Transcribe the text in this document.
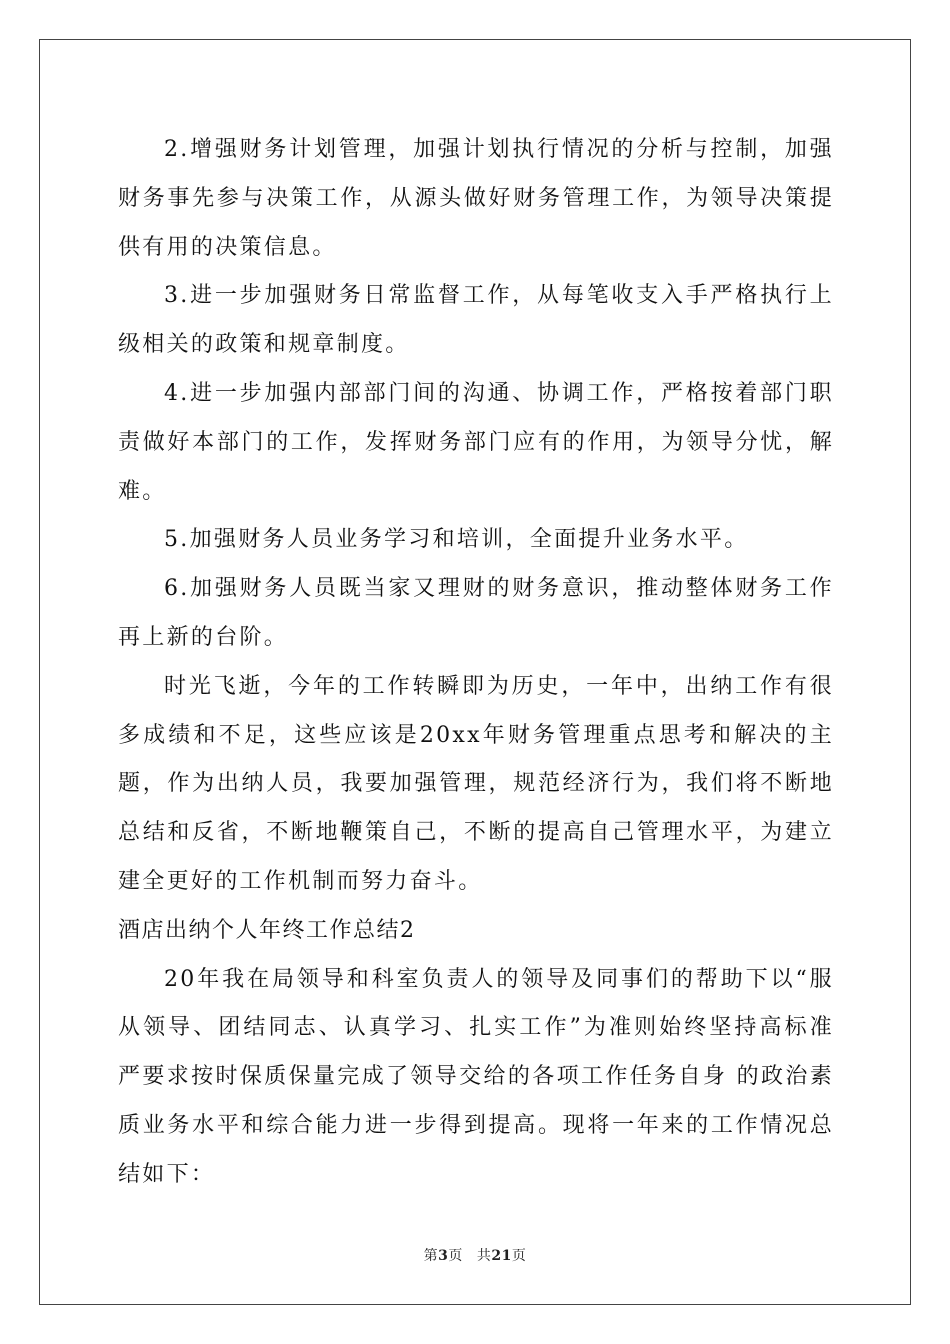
2.增强财务计划管理，加强计划执行情况的分析与控制，加强财务事先参与决策工作，从源头做好财务管理工作，为领导决策提供有用的决策信息。

3.进一步加强财务日常监督工作，从每笔收支入手严格执行上级相关的政策和规章制度。

4.进一步加强内部部门间的沟通、协调工作，严格按着部门职责做好本部门的工作，发挥财务部门应有的作用，为领导分忧，解难。

5.加强财务人员业务学习和培训，全面提升业务水平。

6.加强财务人员既当家又理财的财务意识，推动整体财务工作再上新的台阶。

时光飞逝，今年的工作转瞬即为历史，一年中，出纳工作有很多成绩和不足，这些应该是20xx年财务管理重点思考和解决的主题，作为出纳人员，我要加强管理，规范经济行为，我们将不断地总结和反省，不断地鞭策自己，不断的提高自己管理水平，为建立建全更好的工作机制而努力奋斗。

酒店出纳个人年终工作总结2

20年我在局领导和科室负责人的领导及同事们的帮助下以“服从领导、团结同志、认真学习、扎实工作”为准则始终坚持高标准严要求按时保质保量完成了领导交给的各项工作任务自身 的政治素质业务水平和综合能力进一步得到提高。现将一年来的工作情况总结如下：

第3页 共21页
